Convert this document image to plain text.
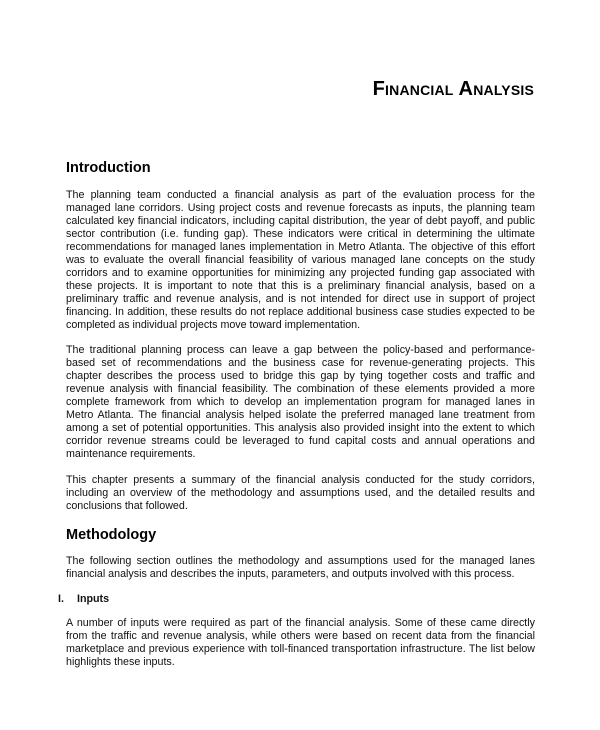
Financial Analysis
Introduction

The planning team conducted a financial analysis as part of the evaluation process for the managed lane corridors. Using project costs and revenue forecasts as inputs, the planning team calculated key financial indicators, including capital distribution, the year of debt payoff, and public sector contribution (i.e. funding gap). These indicators were critical in determining the ultimate recommendations for managed lanes implementation in Metro Atlanta. The objective of this effort was to evaluate the overall financial feasibility of various managed lane concepts on the study corridors and to examine opportunities for minimizing any projected funding gap associated with these projects. It is important to note that this is a preliminary financial analysis, based on a preliminary traffic and revenue analysis, and is not intended for direct use in support of project financing. In addition, these results do not replace additional business case studies expected to be completed as individual projects move toward implementation.

The traditional planning process can leave a gap between the policy-based and performance-based set of recommendations and the business case for revenue-generating projects. This chapter describes the process used to bridge this gap by tying together costs and traffic and revenue analysis with financial feasibility. The combination of these elements provided a more complete framework from which to develop an implementation program for managed lanes in Metro Atlanta. The financial analysis helped isolate the preferred managed lane treatment from among a set of potential opportunities. This analysis also provided insight into the extent to which corridor revenue streams could be leveraged to fund capital costs and annual operations and maintenance requirements.

This chapter presents a summary of the financial analysis conducted for the study corridors, including an overview of the methodology and assumptions used, and the detailed results and conclusions that followed.

Methodology

The following section outlines the methodology and assumptions used for the managed lanes financial analysis and describes the inputs, parameters, and outputs involved with this process.

I.	Inputs

A number of inputs were required as part of the financial analysis. Some of these came directly from the traffic and revenue analysis, while others were based on recent data from the financial marketplace and previous experience with toll-financed transportation infrastructure. The list below highlights these inputs.
